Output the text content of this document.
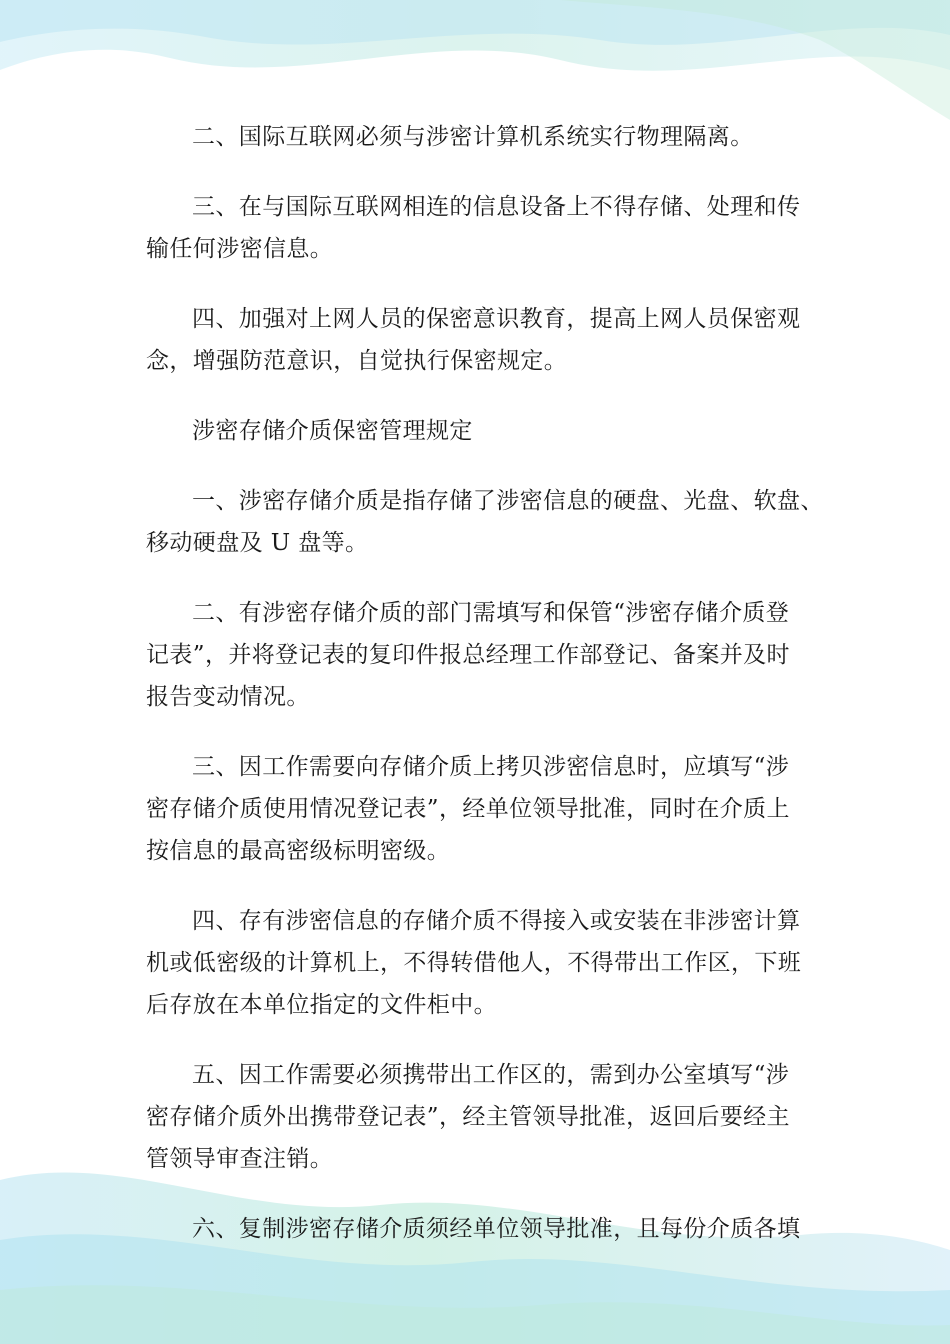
二、国际互联网必须与涉密计算机系统实行物理隔离。

三、在与国际互联网相连的信息设备上不得存储、处理和传
输任何涉密信息。

四、加强对上网人员的保密意识教育，提高上网人员保密观
念，增强防范意识，自觉执行保密规定。

涉密存储介质保密管理规定

一、涉密存储介质是指存储了涉密信息的硬盘、光盘、软盘、
移动硬盘及 U 盘等。

二、有涉密存储介质的部门需填写和保管“涉密存储介质登
记表”，并将登记表的复印件报总经理工作部登记、备案并及时
报告变动情况。

三、因工作需要向存储介质上拷贝涉密信息时，应填写“涉
密存储介质使用情况登记表”，经单位领导批准，同时在介质上
按信息的最高密级标明密级。

四、存有涉密信息的存储介质不得接入或安装在非涉密计算
机或低密级的计算机上，不得转借他人，不得带出工作区，下班
后存放在本单位指定的文件柜中。

五、因工作需要必须携带出工作区的，需到办公室填写“涉
密存储介质外出携带登记表”，经主管领导批准，返回后要经主
管领导审查注销。

六、复制涉密存储介质须经单位领导批准，且每份介质各填
